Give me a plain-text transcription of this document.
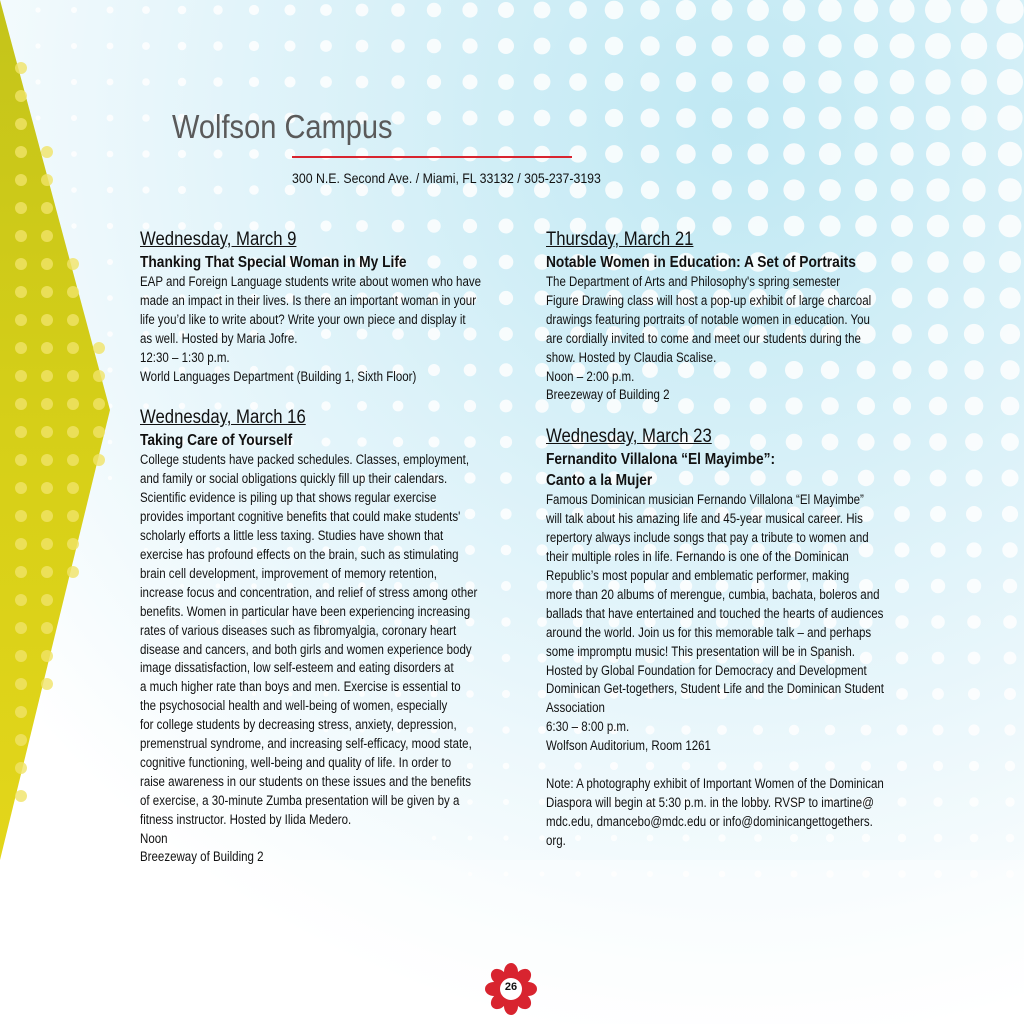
Wolfson Campus
300 N.E. Second Ave. / Miami, FL 33132 / 305-237-3193
Wednesday, March 9
Thanking That Special Woman in My Life

EAP and Foreign Language students write about women who have

made an impact in their lives. Is there an important woman in your

life you’d like to write about? Write your own piece and display it

as well. Hosted by Maria Jofre.

12:30 – 1:30 p.m.

World Languages Department (Building 1, Sixth Floor)

Wednesday, March 16
Taking Care of Yourself

College students have packed schedules. Classes, employment,

and family or social obligations quickly fill up their calendars.

Scientific evidence is piling up that shows regular exercise

provides important cognitive benefits that could make students'

scholarly efforts a little less taxing. Studies have shown that

exercise has profound effects on the brain, such as stimulating

brain cell development, improvement of memory retention,

increase focus and concentration, and relief of stress among other

benefits. Women in particular have been experiencing increasing

rates of various diseases such as fibromyalgia, coronary heart

disease and cancers, and both girls and women experience body

image dissatisfaction, low self-esteem and eating disorders at

a much higher rate than boys and men. Exercise is essential to

the psychosocial health and well-being of women, especially

for college students by decreasing stress, anxiety, depression,

premenstrual syndrome, and increasing self-efficacy, mood state,

cognitive functioning, well-being and quality of life. In order to

raise awareness in our students on these issues and the benefits

of exercise, a 30-minute Zumba presentation will be given by a

fitness instructor. Hosted by Ilida Medero.

Noon

Breezeway of Building 2

Thursday, March 21
Notable Women in Education: A Set of Portraits

The Department of Arts and Philosophy's spring semester

Figure Drawing class will host a pop-up exhibit of large charcoal

drawings featuring portraits of notable women in education. You

are cordially invited to come and meet our students during the

show. Hosted by Claudia Scalise.

Noon – 2:00 p.m.

Breezeway of Building 2

Wednesday, March 23
Fernandito Villalona “El Mayimbe”:
Canto a la Mujer

Famous Dominican musician Fernando Villalona “El Mayimbe”

will talk about his amazing life and 45-year musical career. His

repertory always include songs that pay a tribute to women and

their multiple roles in life. Fernando is one of the Dominican

Republic’s most popular and emblematic performer, making

more than 20 albums of merengue, cumbia, bachata, boleros and

ballads that have entertained and touched the hearts of audiences

around the world. Join us for this memorable talk – and perhaps

some impromptu music! This presentation will be in Spanish.

Hosted by Global Foundation for Democracy and Development

Dominican Get-togethers, Student Life and the Dominican Student

Association

6:30 – 8:00 p.m.

Wolfson Auditorium, Room 1261

Note: A photography exhibit of Important Women of the Dominican

Diaspora will begin at 5:30 p.m. in the lobby. RVSP to imartine@

mdc.edu, dmancebo@mdc.edu or info@dominicangettogethers.

org.

26
